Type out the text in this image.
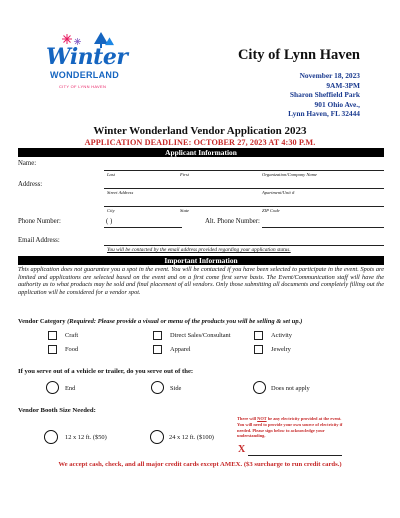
Winter
WONDERLAND
CITY OF LYNN HAVEN
City of Lynn Haven
November 18, 2023
9AM-3PM
Sharon Sheffield Park
901 Ohio Ave.,
Lynn Haven, FL 32444
Winter Wonderland Vendor Application 2023
APPLICATION DEADLINE: OCTOBER 27, 2023 AT 4:30 P.M.
Applicant Information
Name:
Last	First	Organization/Company Name
Address:
Street Address	Apartment/Unit #
City	State	ZIP Code
Phone Number:	( )	Alt. Phone Number:
Email Address:
You will be contacted by the email address provided regarding your application status.
Important Information
This application does not guarantee you a spot in the event. You will be contacted if you have been selected to participate in the event. Spots are limited and applications are selected based on the event and on a first come first serve basis. The Event/Communication staff will have the authority as to what products may be sold and final placement of all vendors. Only those submitting all documents and completely filling out the application will be considered for a vendor spot.
Vendor Category (Required: Please provide a visual or menu of the products you will be selling & set up.)
Craft	Direct Sales/Consultant	Activity
Food	Apparel	Jewelry
If you serve out of a vehicle or trailer, do you serve out of the:
End	Side	Does not apply
Vendor Booth Size Needed:
12 x 12 ft. ($50)	24 x 12 ft. ($100)
There will NOT be any electricity provided at the event. You will need to provide your own source of electricity if needed. Please sign below to acknowledge your understanding.
X
We accept cash, check, and all major credit cards except AMEX. ($3 surcharge to run credit cards.)
